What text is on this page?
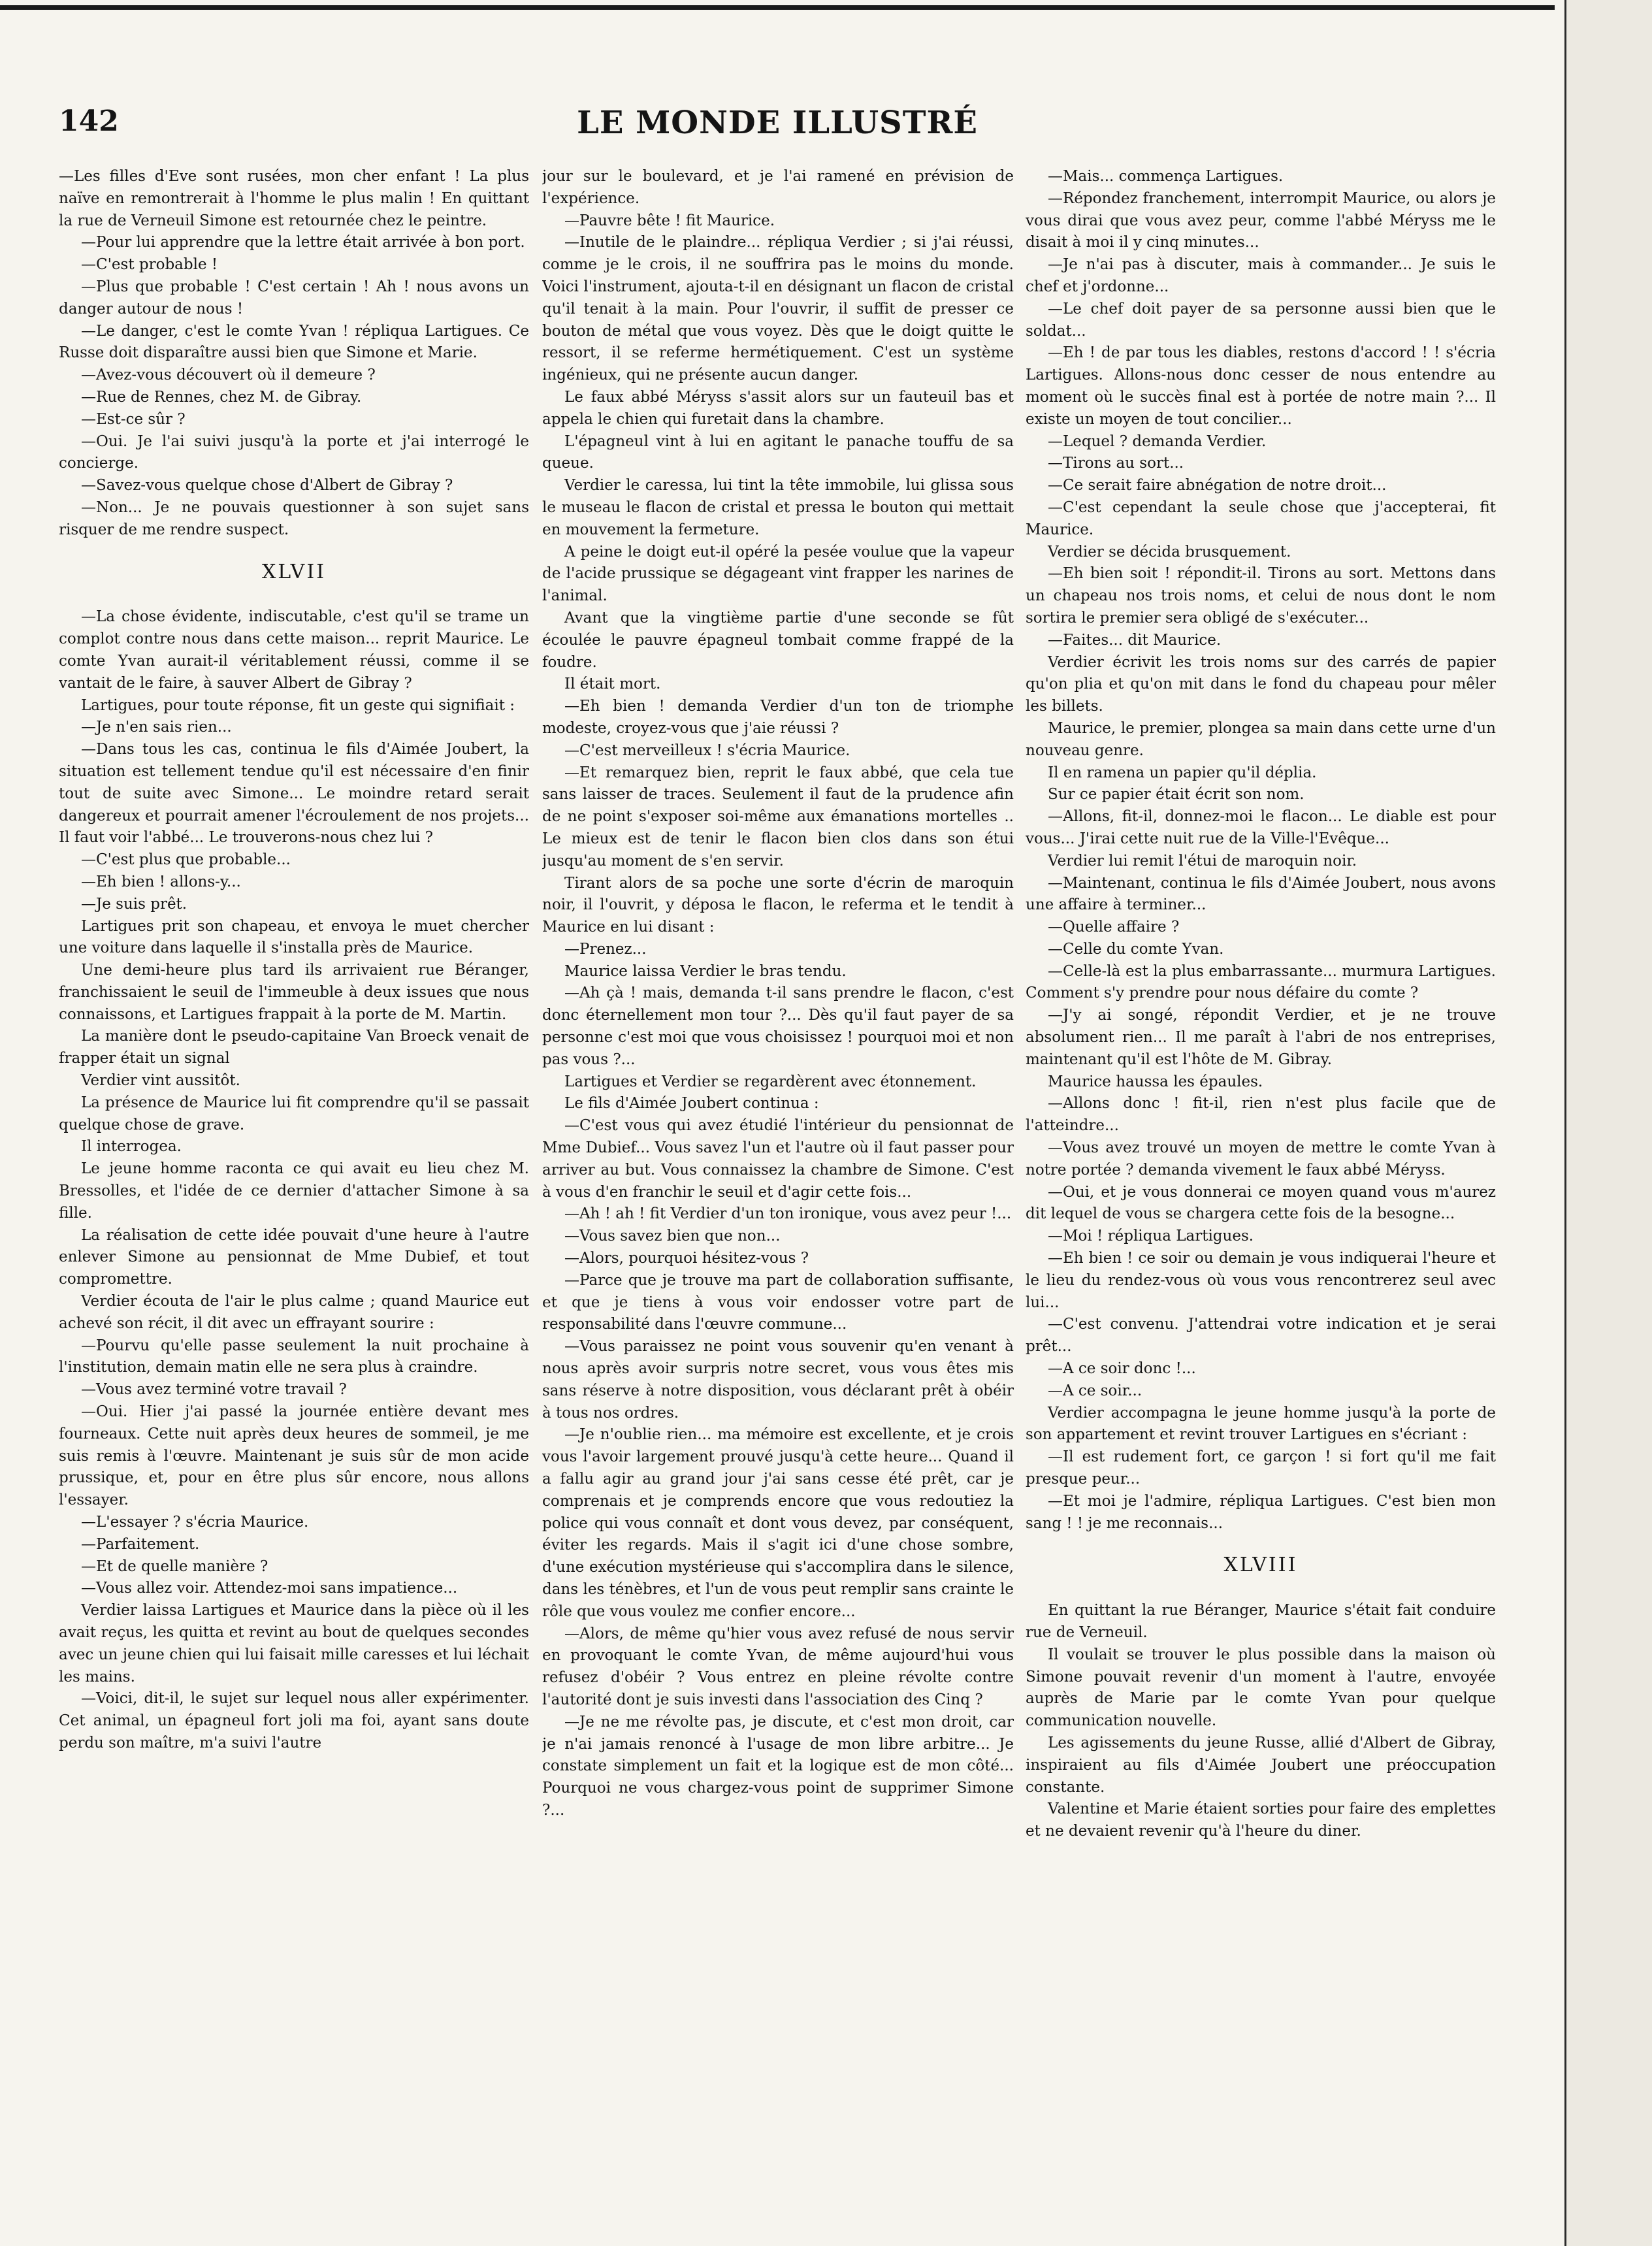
142	LE MONDE ILLUSTRÉ

—Les filles d'Eve sont rusées, mon cher enfant ! La plus naïve en remontrerait à l'homme le plus malin ! En quittant la rue de Verneuil Simone est retournée chez le peintre.

—Pour lui apprendre que la lettre était arrivée à bon port.

—C'est probable !

—Plus que probable ! C'est certain ! Ah ! nous avons un danger autour de nous !

—Le danger, c'est le comte Yvan ! répliqua Lartigues. Ce Russe doit disparaître aussi bien que Simone et Marie.

—Avez-vous découvert où il demeure ?

—Rue de Rennes, chez M. de Gibray.

—Est-ce sûr ?

—Oui. Je l'ai suivi jusqu'à la porte et j'ai interrogé le concierge.

—Savez-vous quelque chose d'Albert de Gibray ?

—Non... Je ne pouvais questionner à son sujet sans risquer de me rendre suspect.

XLVII

—La chose évidente, indiscutable, c'est qu'il se trame un complot contre nous dans cette maison... reprit Maurice. Le comte Yvan aurait-il véritablement réussi, comme il se vantait de le faire, à sauver Albert de Gibray ?

Lartigues, pour toute réponse, fit un geste qui signifiait :

—Je n'en sais rien...

—Dans tous les cas, continua le fils d'Aimée Joubert, la situation est tellement tendue qu'il est nécessaire d'en finir tout de suite avec Simone... Le moindre retard serait dangereux et pourrait amener l'écroulement de nos projets... Il faut voir l'abbé... Le trouverons-nous chez lui ?

—C'est plus que probable...

—Eh bien ! allons-y...

—Je suis prêt.

Lartigues prit son chapeau, et envoya le muet chercher une voiture dans laquelle il s'installa près de Maurice.

Une demi-heure plus tard ils arrivaient rue Béranger, franchissaient le seuil de l'immeuble à deux issues que nous connaissons, et Lartigues frappait à la porte de M. Martin.

La manière dont le pseudo-capitaine Van Broeck venait de frapper était un signal

Verdier vint aussitôt.

La présence de Maurice lui fit comprendre qu'il se passait quelque chose de grave.

Il interrogea.

Le jeune homme raconta ce qui avait eu lieu chez M. Bressolles, et l'idée de ce dernier d'attacher Simone à sa fille.

La réalisation de cette idée pouvait d'une heure à l'autre enlever Simone au pensionnat de Mme Dubief, et tout compromettre.

Verdier écouta de l'air le plus calme ; quand Maurice eut achevé son récit, il dit avec un effrayant sourire :

—Pourvu qu'elle passe seulement la nuit prochaine à l'institution, demain matin elle ne sera plus à craindre.

—Vous avez terminé votre travail ?

—Oui. Hier j'ai passé la journée entière devant mes fourneaux. Cette nuit après deux heures de sommeil, je me suis remis à l'œuvre. Maintenant je suis sûr de mon acide prussique, et, pour en être plus sûr encore, nous allons l'essayer.

—L'essayer ? s'écria Maurice.

—Parfaitement.

—Et de quelle manière ?

—Vous allez voir. Attendez-moi sans impatience...

Verdier laissa Lartigues et Maurice dans la pièce où il les avait reçus, les quitta et revint au bout de quelques secondes avec un jeune chien qui lui faisait mille caresses et lui léchait les mains.

—Voici, dit-il, le sujet sur lequel nous aller expérimenter. Cet animal, un épagneul fort joli ma foi, ayant sans doute perdu son maître, m'a suivi l'autre

jour sur le boulevard, et je l'ai ramené en prévision de l'expérience.

—Pauvre bête ! fit Maurice.

—Inutile de le plaindre... répliqua Verdier ; si j'ai réussi, comme je le crois, il ne souffrira pas le moins du monde. Voici l'instrument, ajouta-t-il en désignant un flacon de cristal qu'il tenait à la main. Pour l'ouvrir, il suffit de presser ce bouton de métal que vous voyez. Dès que le doigt quitte le ressort, il se referme hermétiquement. C'est un système ingénieux, qui ne présente aucun danger.

Le faux abbé Méryss s'assit alors sur un fauteuil bas et appela le chien qui furetait dans la chambre.

L'épagneul vint à lui en agitant le panache touffu de sa queue.

Verdier le caressa, lui tint la tête immobile, lui glissa sous le museau le flacon de cristal et pressa le bouton qui mettait en mouvement la fermeture.

A peine le doigt eut-il opéré la pesée voulue que la vapeur de l'acide prussique se dégageant vint frapper les narines de l'animal.

Avant que la vingtième partie d'une seconde se fût écoulée le pauvre épagneul tombait comme frappé de la foudre.

Il était mort.

—Eh bien ! demanda Verdier d'un ton de triomphe modeste, croyez-vous que j'aie réussi ?

—C'est merveilleux ! s'écria Maurice.

—Et remarquez bien, reprit le faux abbé, que cela tue sans laisser de traces. Seulement il faut de la prudence afin de ne point s'exposer soi-même aux émanations mortelles .. Le mieux est de tenir le flacon bien clos dans son étui jusqu'au moment de s'en servir.

Tirant alors de sa poche une sorte d'écrin de maroquin noir, il l'ouvrit, y déposa le flacon, le referma et le tendit à Maurice en lui disant :

—Prenez...

Maurice laissa Verdier le bras tendu.

—Ah çà ! mais, demanda t-il sans prendre le flacon, c'est donc éternellement mon tour ?... Dès qu'il faut payer de sa personne c'est moi que vous choisissez ! pourquoi moi et non pas vous ?...

Lartigues et Verdier se regardèrent avec étonnement.

Le fils d'Aimée Joubert continua :

—C'est vous qui avez étudié l'intérieur du pensionnat de Mme Dubief... Vous savez l'un et l'autre où il faut passer pour arriver au but. Vous connaissez la chambre de Simone. C'est à vous d'en franchir le seuil et d'agir cette fois...

—Ah ! ah ! fit Verdier d'un ton ironique, vous avez peur !...

—Vous savez bien que non...

—Alors, pourquoi hésitez-vous ?

—Parce que je trouve ma part de collaboration suffisante, et que je tiens à vous voir endosser votre part de responsabilité dans l'œuvre commune...

—Vous paraissez ne point vous souvenir qu'en venant à nous après avoir surpris notre secret, vous vous êtes mis sans réserve à notre disposition, vous déclarant prêt à obéir à tous nos ordres.

—Je n'oublie rien... ma mémoire est excellente, et je crois vous l'avoir largement prouvé jusqu'à cette heure... Quand il a fallu agir au grand jour j'ai sans cesse été prêt, car je comprenais et je comprends encore que vous redoutiez la police qui vous connaît et dont vous devez, par conséquent, éviter les regards. Mais il s'agit ici d'une chose sombre, d'une exécution mystérieuse qui s'accomplira dans le silence, dans les ténèbres, et l'un de vous peut remplir sans crainte le rôle que vous voulez me confier encore...

—Alors, de même qu'hier vous avez refusé de nous servir en provoquant le comte Yvan, de même aujourd'hui vous refusez d'obéir ? Vous entrez en pleine révolte contre l'autorité dont je suis investi dans l'association des Cinq ?

—Je ne me révolte pas, je discute, et c'est mon droit, car je n'ai jamais renoncé à l'usage de mon libre arbitre... Je constate simplement un fait et la logique est de mon côté... Pourquoi ne vous chargez-vous point de supprimer Simone ?...

—Mais... commença Lartigues.

—Répondez franchement, interrompit Maurice, ou alors je vous dirai que vous avez peur, comme l'abbé Méryss me le disait à moi il y cinq minutes...

—Je n'ai pas à discuter, mais à commander... Je suis le chef et j'ordonne...

—Le chef doit payer de sa personne aussi bien que le soldat...

—Eh ! de par tous les diables, restons d'accord ! ! s'écria Lartigues. Allons-nous donc cesser de nous entendre au moment où le succès final est à portée de notre main ?... Il existe un moyen de tout concilier...

—Lequel ? demanda Verdier.

—Tirons au sort...

—Ce serait faire abnégation de notre droit...

—C'est cependant la seule chose que j'accepterai, fit Maurice.

Verdier se décida brusquement.

—Eh bien soit ! répondit-il. Tirons au sort. Mettons dans un chapeau nos trois noms, et celui de nous dont le nom sortira le premier sera obligé de s'exécuter...

—Faites... dit Maurice.

Verdier écrivit les trois noms sur des carrés de papier qu'on plia et qu'on mit dans le fond du chapeau pour mêler les billets.

Maurice, le premier, plongea sa main dans cette urne d'un nouveau genre.

Il en ramena un papier qu'il déplia.

Sur ce papier était écrit son nom.

—Allons, fit-il, donnez-moi le flacon... Le diable est pour vous... J'irai cette nuit rue de la Ville-l'Evêque...

Verdier lui remit l'étui de maroquin noir.

—Maintenant, continua le fils d'Aimée Joubert, nous avons une affaire à terminer...

—Quelle affaire ?

—Celle du comte Yvan.

—Celle-là est la plus embarrassante... murmura Lartigues. Comment s'y prendre pour nous défaire du comte ?

—J'y ai songé, répondit Verdier, et je ne trouve absolument rien... Il me paraît à l'abri de nos entreprises, maintenant qu'il est l'hôte de M. Gibray.

Maurice haussa les épaules.

—Allons donc ! fit-il, rien n'est plus facile que de l'atteindre...

—Vous avez trouvé un moyen de mettre le comte Yvan à notre portée ? demanda vivement le faux abbé Méryss.

—Oui, et je vous donnerai ce moyen quand vous m'aurez dit lequel de vous se chargera cette fois de la besogne...

—Moi ! répliqua Lartigues.

—Eh bien ! ce soir ou demain je vous indiquerai l'heure et le lieu du rendez-vous où vous vous rencontrerez seul avec lui...

—C'est convenu. J'attendrai votre indication et je serai prêt...

—A ce soir donc !...

—A ce soir...

Verdier accompagna le jeune homme jusqu'à la porte de son appartement et revint trouver Lartigues en s'écriant :

—Il est rudement fort, ce garçon ! si fort qu'il me fait presque peur...

—Et moi je l'admire, répliqua Lartigues. C'est bien mon sang ! ! je me reconnais...

XLVIII

En quittant la rue Béranger, Maurice s'était fait conduire rue de Verneuil.

Il voulait se trouver le plus possible dans la maison où Simone pouvait revenir d'un moment à l'autre, envoyée auprès de Marie par le comte Yvan pour quelque communication nouvelle.

Les agissements du jeune Russe, allié d'Albert de Gibray, inspiraient au fils d'Aimée Joubert une préoccupation constante.

Valentine et Marie étaient sorties pour faire des emplettes et ne devaient revenir qu'à l'heure du diner.
